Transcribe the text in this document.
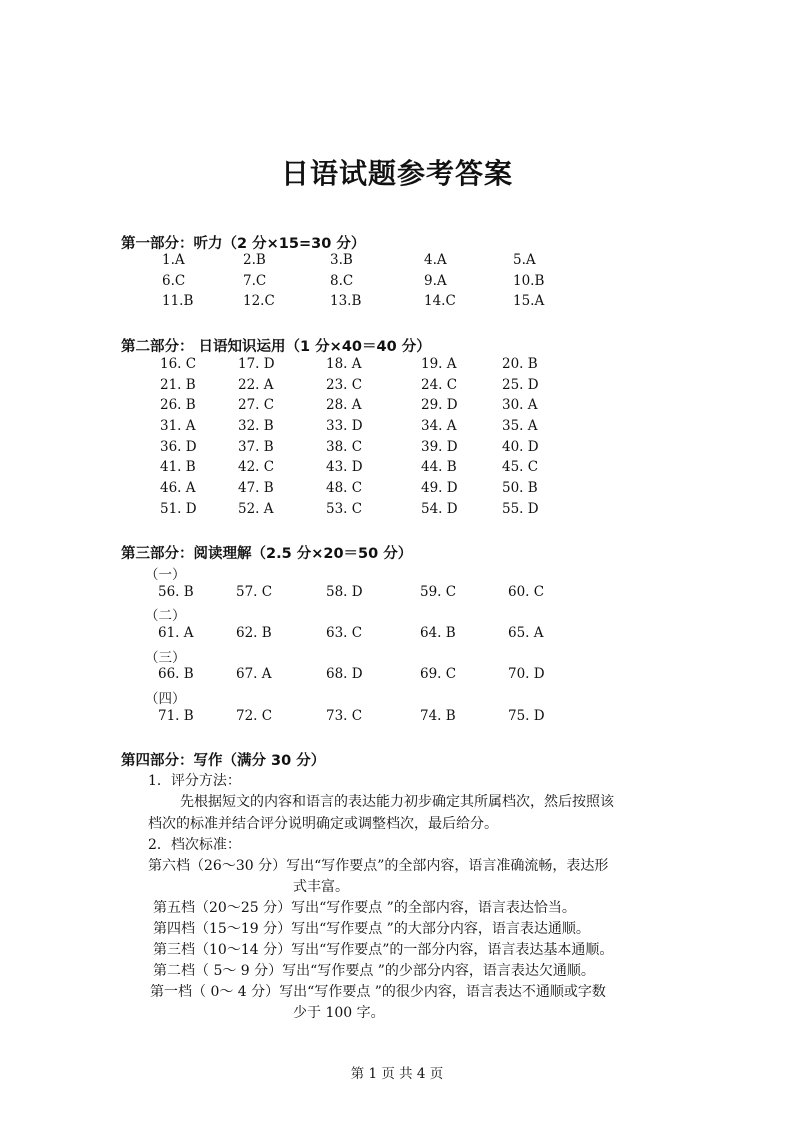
日语试题参考答案
第一部分：听力（2 分×15=30 分）
1.A	2.B	3.B	4.A	5.A
6.C	7.C	8.C	9.A	10.B
11.B	12.C	13.B	14.C	15.A
第二部分： 日语知识运用（1 分×40＝40 分）
16. C	17. D	18. A	19. A	20. B
21. B	22. A	23. C	24. C	25. D
26. B	27. C	28. A	29. D	30. A
31. A	32. B	33. D	34. A	35. A
36. D	37. B	38. C	39. D	40. D
41. B	42. C	43. D	44. B	45. C
46. A	47. B	48. C	49. D	50. B
51. D	52. A	53. C	54. D	55. D
第三部分：阅读理解（2.5 分×20＝50 分）
（一）
56. B	57. C	58. D	59. C	60. C
（二）
61. A	62. B	63. C	64. B	65. A
（三）
66. B	67. A	68. D	69. C	70. D
（四）
71. B	72. C	73. C	74. B	75. D
第四部分：写作（满分 30 分）
1．评分方法：
先根据短文的内容和语言的表达能力初步确定其所属档次，然后按照该
档次的标准并结合评分说明确定或调整档次，最后给分。
2．档次标准：
第六档（26～30 分）写出“写作要点”的全部内容，语言准确流畅，表达形
式丰富。
第五档（20～25 分）写出“写作要点 ”的全部内容，语言表达恰当。
第四档（15～19 分）写出“写作要点 ”的大部分内容，语言表达通顺。
第三档（10～14 分）写出“写作要点”的一部分内容，语言表达基本通顺。
第二档（ 5～ 9 分）写出“写作要点 ”的少部分内容，语言表达欠通顺。
第一档（ 0～ 4 分）写出“写作要点 ”的很少内容，语言表达不通顺或字数
少于 100 字。
第 1 页 共 4 页
